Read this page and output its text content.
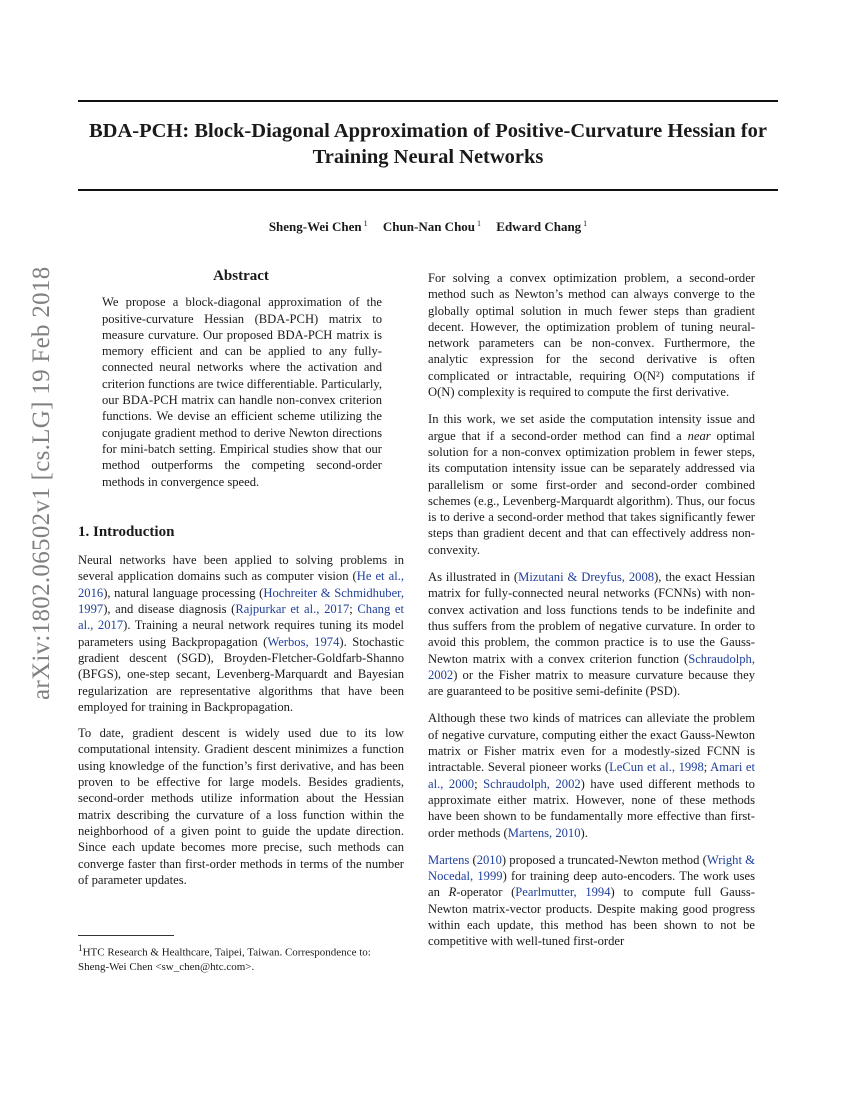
BDA-PCH: Block-Diagonal Approximation of Positive-Curvature Hessian for
Training Neural Networks
Sheng-Wei Chen $^1$ Chun-Nan Chou $^1$ Edward Chang $^1$
arXiv:1802.06502v1 [cs.LG] 19 Feb 2018	Abstract

We propose a block-diagonal approximation of the positive-curvature Hessian (BDA-PCH) matrix to measure curvature. Our proposed BDA-PCH matrix is memory efficient and can be applied to any fully-connected neural networks where the activation and criterion functions are twice differentiable. Particularly, our BDA-PCH matrix can handle non-convex criterion functions. We devise an efficient scheme utilizing the conjugate gradient method to derive Newton directions for mini-batch setting. Empirical studies show that our method outperforms the competing second-order methods in convergence speed.

1. Introduction

Neural networks have been applied to solving problems in several application domains such as computer vision (He et al., 2016), natural language processing (Hochreiter & Schmidhuber, 1997), and disease diagnosis (Rajpurkar et al., 2017; Chang et al., 2017). Training a neural network requires tuning its model parameters using Backpropagation (Werbos, 1974). Stochastic gradient descent (SGD), Broyden-Fletcher-Goldfarb-Shanno (BFGS), one-step secant, Levenberg-Marquardt and Bayesian regularization are representative algorithms that have been employed for training in Backpropagation.

To date, gradient descent is widely used due to its low computational intensity. Gradient descent minimizes a function using knowledge of the function’s first derivative, and has been proven to be effective for large models. Besides gradients, second-order methods utilize information about the Hessian matrix describing the curvature of a loss function within the neighborhood of a given point to guide the update direction. Since each update becomes more precise, such methods can converge faster than first-order methods in terms of the number of parameter updates.

$^1$HTC Research & Healthcare, Taipei, Taiwan. Correspondence to: Sheng-Wei Chen <sw_chen@htc.com>.

For solving a convex optimization problem, a second-order method such as Newton’s method can always converge to the globally optimal solution in much fewer steps than gradient decent. However, the optimization problem of tuning neural-network parameters can be non-convex. Furthermore, the analytic expression for the second derivative is often complicated or intractable, requiring O(N²) computations if O(N) complexity is required to compute the first derivative.

In this work, we set aside the computation intensity issue and argue that if a second-order method can find a near optimal solution for a non-convex optimization problem in fewer steps, its computation intensity issue can be separately addressed via parallelism or some first-order and second-order combined schemes (e.g., Levenberg-Marquardt algorithm). Thus, our focus is to derive a second-order method that takes significantly fewer steps than gradient decent and that can effectively address non-convexity.

As illustrated in (Mizutani & Dreyfus, 2008), the exact Hessian matrix for fully-connected neural networks (FCNNs) with non-convex activation and loss functions tends to be indefinite and thus suffers from the problem of negative curvature. In order to avoid this problem, the common practice is to use the Gauss-Newton matrix with a convex criterion function (Schraudolph, 2002) or the Fisher matrix to measure curvature because they are guaranteed to be positive semi-definite (PSD).

Although these two kinds of matrices can alleviate the problem of negative curvature, computing either the exact Gauss-Newton matrix or Fisher matrix even for a modestly-sized FCNN is intractable. Several pioneer works (LeCun et al., 1998; Amari et al., 2000; Schraudolph, 2002) have used different methods to approximate either matrix. However, none of these methods have been shown to be fundamentally more effective than first-order methods (Martens, 2010).

Martens (2010) proposed a truncated-Newton method (Wright & Nocedal, 1999) for training deep auto-encoders. The work uses an R-operator (Pearlmutter, 1994) to compute full Gauss-Newton matrix-vector products. Despite making good progress within each update, this method has been shown to not be competitive with well-tuned first-order
